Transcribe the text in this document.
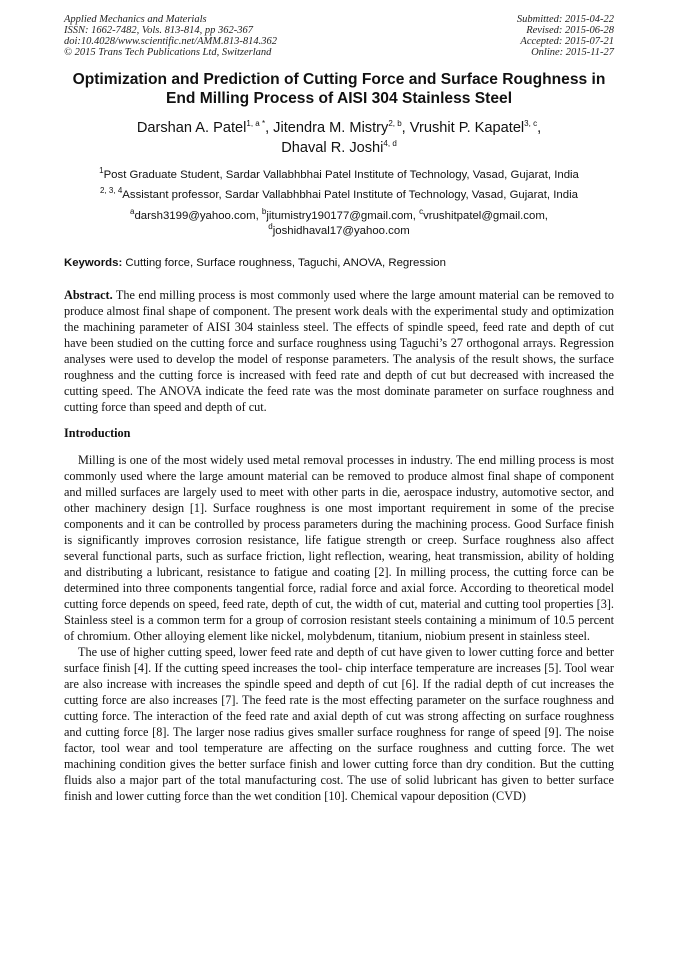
Applied Mechanics and Materials
ISSN: 1662-7482, Vols. 813-814, pp 362-367
doi:10.4028/www.scientific.net/AMM.813-814.362
© 2015 Trans Tech Publications Ltd, Switzerland
Submitted: 2015-04-22
Revised: 2015-06-28
Accepted: 2015-07-21
Online: 2015-11-27
Optimization and Prediction of Cutting Force and Surface Roughness in
End Milling Process of AISI 304 Stainless Steel
Darshan A. Patel$^{1, a *}$, Jitendra M. Mistry$^{2, b}$, Vrushit P. Kapatel$^{3, c}$,
Dhaval R. Joshi$^{4, d}$
$^1$Post Graduate Student, Sardar Vallabhbhai Patel Institute of Technology, Vasad, Gujarat, India
$^{2, 3, 4}$Assistant professor, Sardar Vallabhbhai Patel Institute of Technology, Vasad, Gujarat, India
$^a$darsh3199@yahoo.com, $^b$jitumistry190177@gmail.com, $^c$vrushitpatel@gmail.com,
$^d$joshidhaval17@yahoo.com
Keywords: Cutting force, Surface roughness, Taguchi, ANOVA, Regression
Abstract. The end milling process is most commonly used where the large amount material can be removed to produce almost final shape of component. The present work deals with the experimental study and optimization the machining parameter of AISI 304 stainless steel. The effects of spindle speed, feed rate and depth of cut have been studied on the cutting force and surface roughness using Taguchi’s 27 orthogonal arrays. Regression analyses were used to develop the model of response parameters. The analysis of the result shows, the surface roughness and the cutting force is increased with feed rate and depth of cut but decreased with increased the cutting speed. The ANOVA indicate the feed rate was the most dominate parameter on surface roughness and cutting force than speed and depth of cut.
Introduction
Milling is one of the most widely used metal removal processes in industry. The end milling process is most commonly used where the large amount material can be removed to produce almost final shape of component and milled surfaces are largely used to meet with other parts in die, aerospace industry, automotive sector, and other machinery design [1]. Surface roughness is one most important requirement in some of the precise components and it can be controlled by process parameters during the machining process. Good Surface finish is significantly improves corrosion resistance, life fatigue strength or creep. Surface roughness also affect several functional parts, such as surface friction, light reflection, wearing, heat transmission, ability of holding and distributing a lubricant, resistance to fatigue and coating [2]. In milling process, the cutting force can be determined into three components tangential force, radial force and axial force. According to theoretical model cutting force depends on speed, feed rate, depth of cut, the width of cut, material and cutting tool properties [3]. Stainless steel is a common term for a group of corrosion resistant steels containing a minimum of 10.5 percent of chromium. Other alloying element like nickel, molybdenum, titanium, niobium present in stainless steel.
The use of higher cutting speed, lower feed rate and depth of cut have given to lower cutting force and better surface finish [4]. If the cutting speed increases the tool- chip interface temperature are increases [5]. Tool wear are also increase with increases the spindle speed and depth of cut [6]. If the radial depth of cut increases the cutting force are also increases [7]. The feed rate is the most effecting parameter on the surface roughness and cutting force. The interaction of the feed rate and axial depth of cut was strong affecting on surface roughness and cutting force [8]. The larger nose radius gives smaller surface roughness for range of speed [9]. The noise factor, tool wear and tool temperature are affecting on the surface roughness and cutting force. The wet machining condition gives the better surface finish and lower cutting force than dry condition. But the cutting fluids also a major part of the total manufacturing cost. The use of solid lubricant has given to better surface finish and lower cutting force than the wet condition [10]. Chemical vapour deposition (CVD)
